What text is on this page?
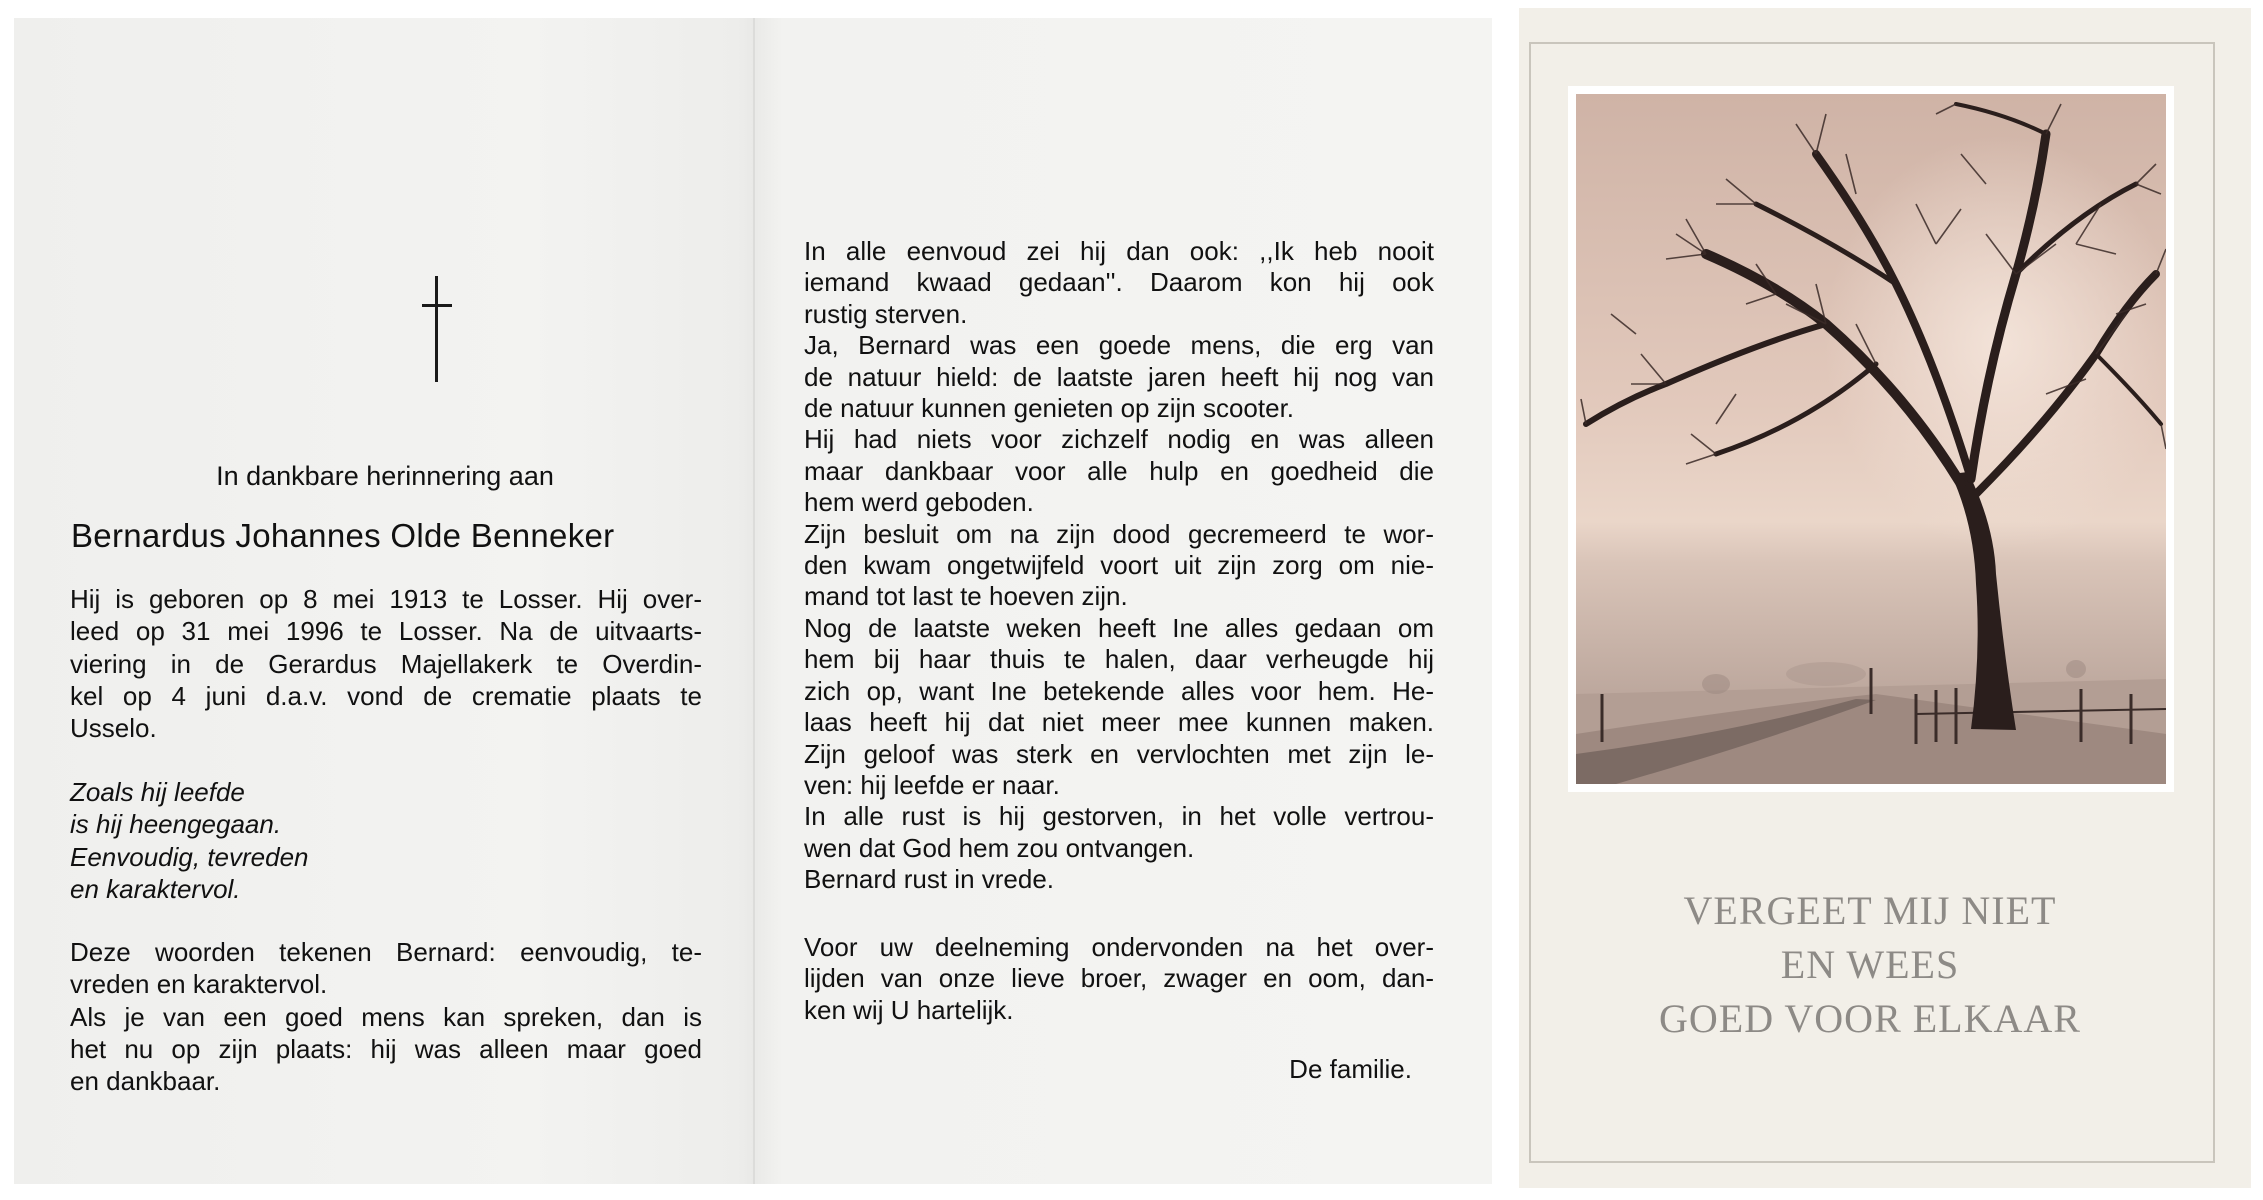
In dankbare herinnering aan
Bernardus Johannes Olde Benneker
Hij is geboren op 8 mei 1913 te Losser. Hij over-
leed op 31 mei 1996 te Losser. Na de uitvaarts-
viering in de Gerardus Majellakerk te Overdin-
kel op 4 juni d.a.v. vond de crematie plaats te
Usselo.
Zoals hij leefde
is hij heengegaan.
Eenvoudig, tevreden
en karaktervol.
Deze woorden tekenen Bernard: eenvoudig, te-
vreden en karaktervol.
Als je van een goed mens kan spreken, dan is
het nu op zijn plaats: hij was alleen maar goed
en dankbaar.
In alle eenvoud zei hij dan ook: ,,Ik heb nooit
iemand kwaad gedaan''. Daarom kon hij ook
rustig sterven.
Ja, Bernard was een goede mens, die erg van
de natuur hield: de laatste jaren heeft hij nog van
de natuur kunnen genieten op zijn scooter.
Hij had niets voor zichzelf nodig en was alleen
maar dankbaar voor alle hulp en goedheid die
hem werd geboden.
Zijn besluit om na zijn dood gecremeerd te wor-
den kwam ongetwijfeld voort uit zijn zorg om nie-
mand tot last te hoeven zijn.
Nog de laatste weken heeft Ine alles gedaan om
hem bij haar thuis te halen, daar verheugde hij
zich op, want Ine betekende alles voor hem. He-
laas heeft hij dat niet meer mee kunnen maken.
Zijn geloof was sterk en vervlochten met zijn le-
ven: hij leefde er naar.
In alle rust is hij gestorven, in het volle vertrou-
wen dat God hem zou ontvangen.
Bernard rust in vrede.
Voor uw deelneming ondervonden na het over-
lijden van onze lieve broer, zwager en oom, dan-
ken wij U hartelijk.
De familie.
VERGEET MIJ NIET
EN WEES
GOED VOOR ELKAAR
